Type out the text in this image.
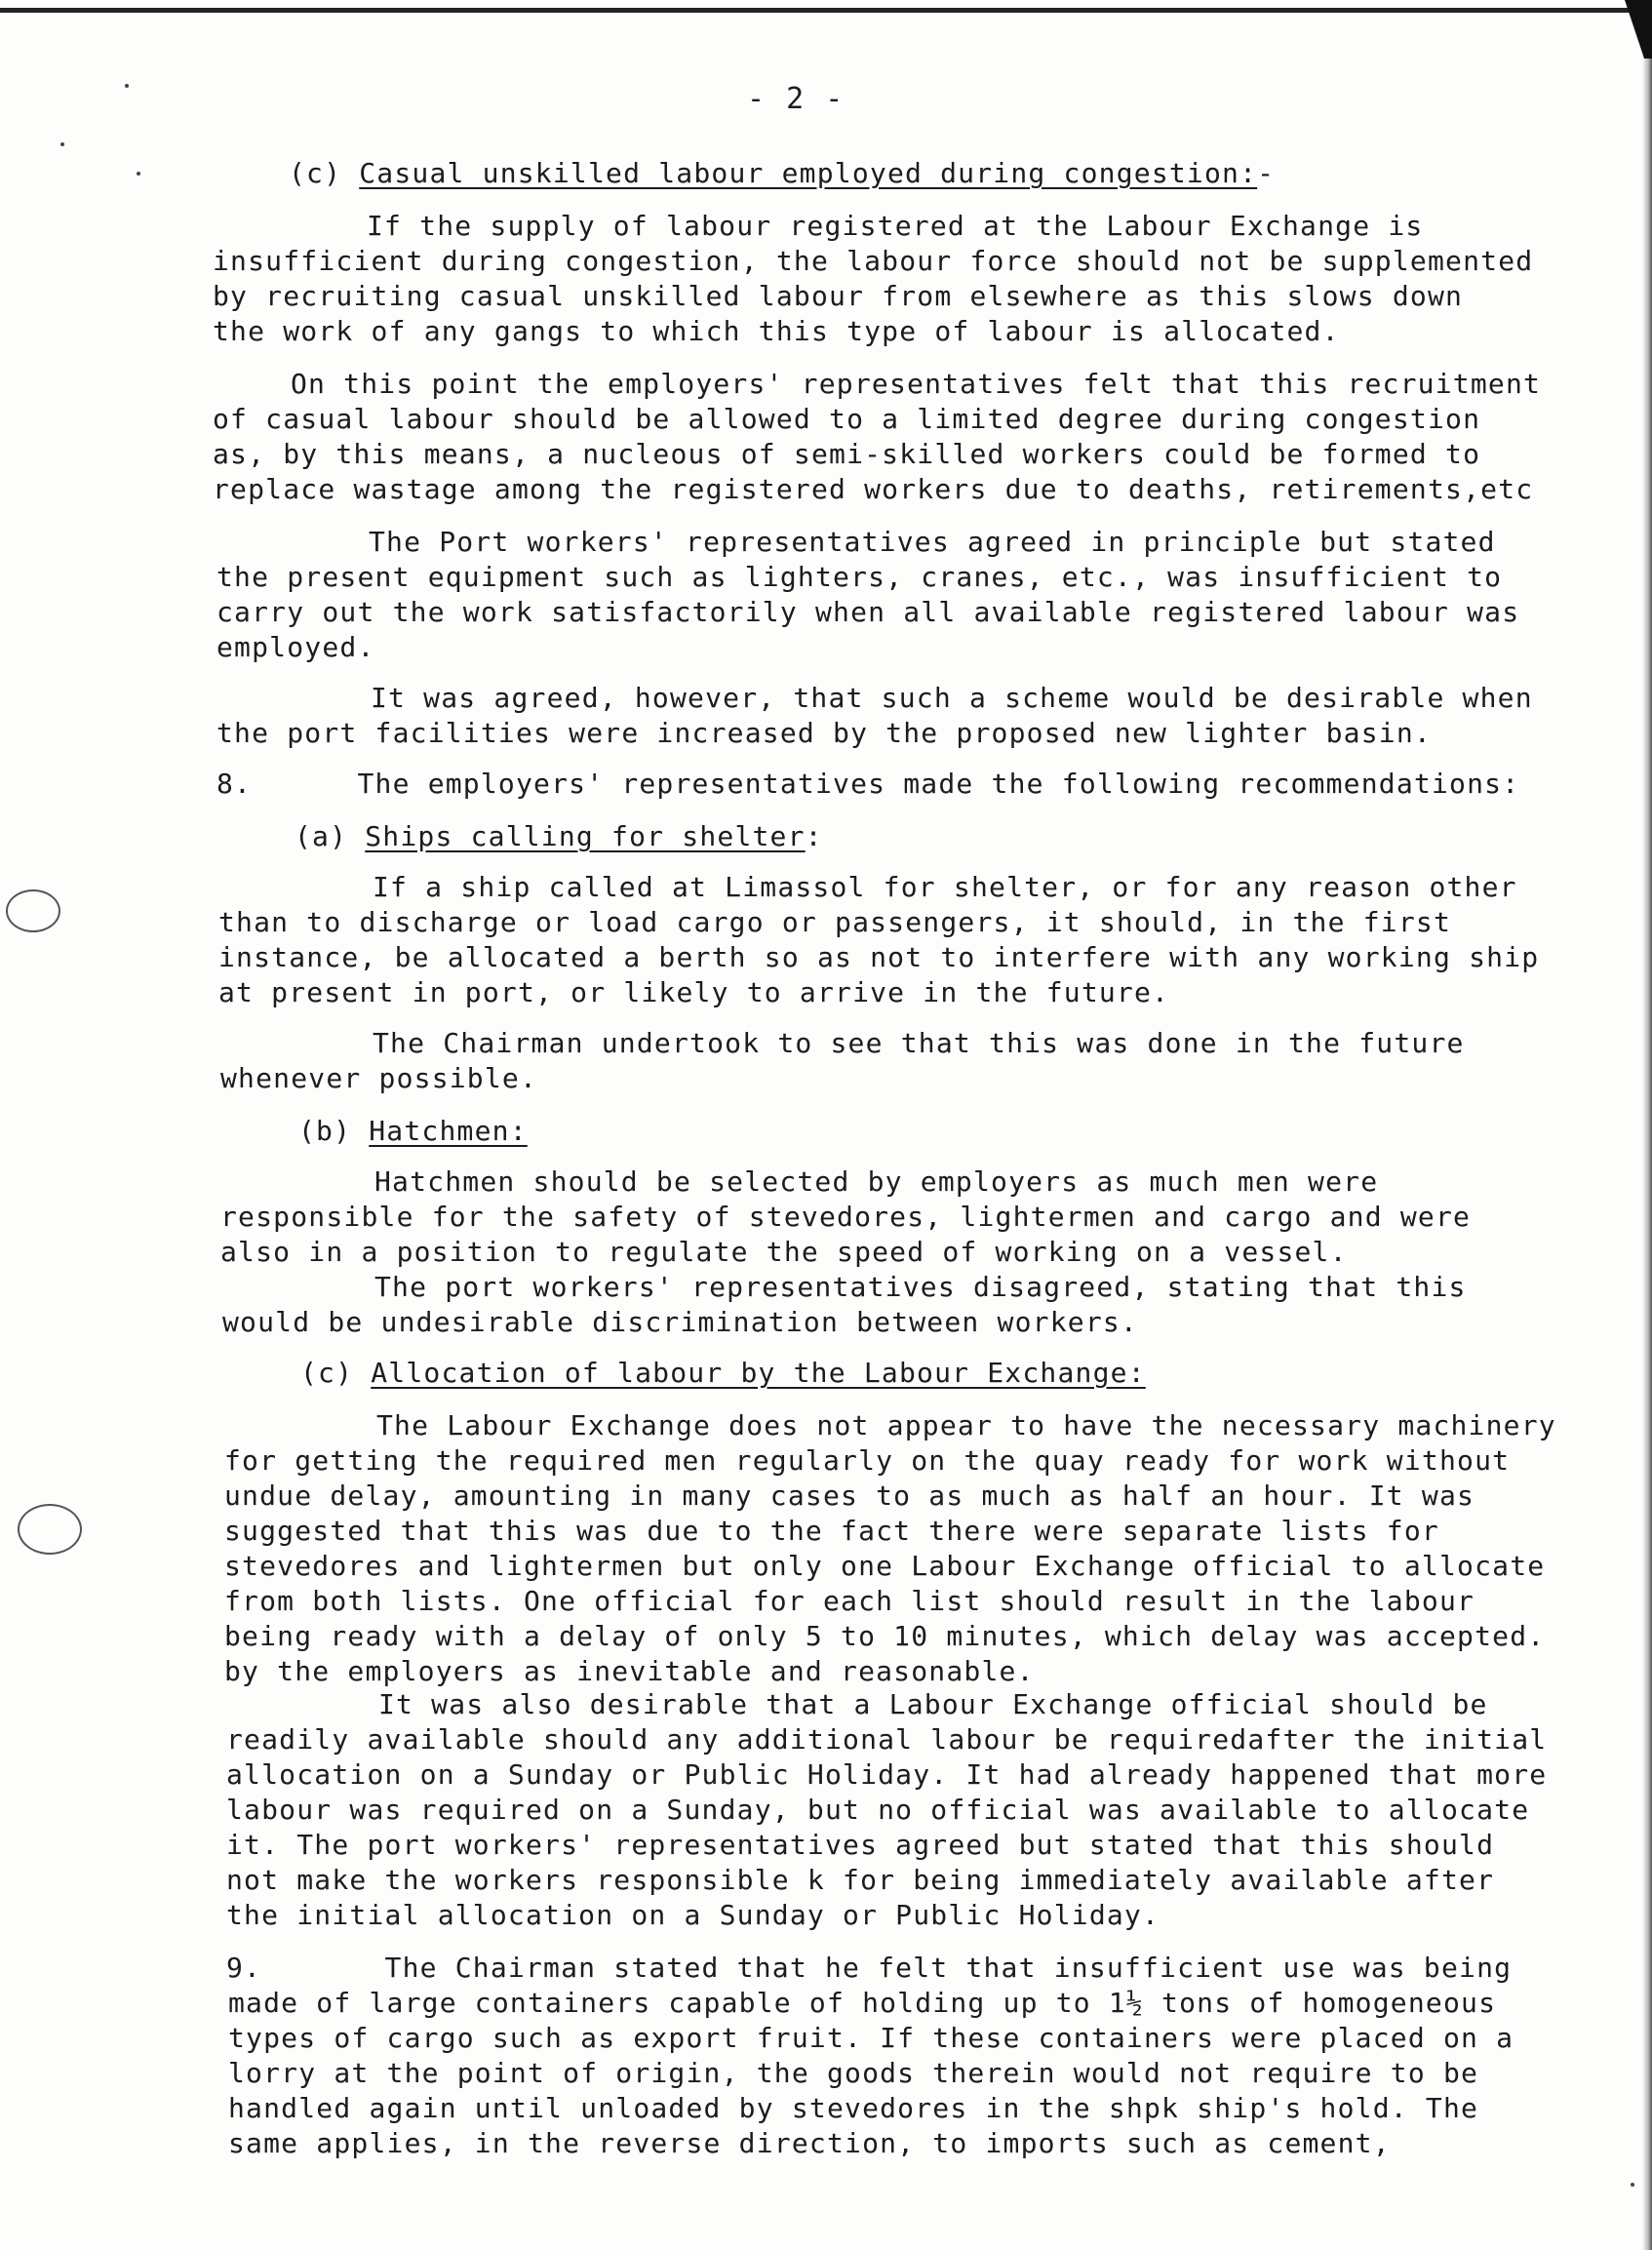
- 2 -
(c) Casual unskilled labour employed during congestion:-
If the supply of labour registered at the Labour Exchange is
insufficient during congestion, the labour force should not be supplemented
by recruiting casual unskilled labour from elsewhere as this slows down
the work of any gangs to which this type of labour is allocated.
On this point the employers' representatives felt that this recruitment
of casual labour should be allowed to a limited degree during congestion
as, by this means, a nucleous of semi-skilled workers could be formed to
replace wastage among the registered workers due to deaths, retirements,etc
The Port workers' representatives agreed in principle but stated
the present equipment such as lighters, cranes, etc., was insufficient to
carry out the work satisfactorily when all available registered labour was
employed.
It was agreed, however, that such a scheme would be desirable when
the port facilities were increased by the proposed new lighter basin.
8.      The employers' representatives made the following recommendations:
(a) Ships calling for shelter:
If a ship called at Limassol for shelter, or for any reason other
than to discharge or load cargo or passengers, it should, in the first
instance, be allocated a berth so as not to interfere with any working ship
at present in port, or likely to arrive in the future.
The Chairman undertook to see that this was done in the future
whenever possible.
(b) Hatchmen:
Hatchmen should be selected by employers as much men were
responsible for the safety of stevedores, lightermen and cargo and were
also in a position to regulate the speed of working on a vessel.
The port workers' representatives disagreed, stating that this
would be undesirable discrimination between workers.
(c) Allocation of labour by the Labour Exchange:
The Labour Exchange does not appear to have the necessary machinery
for getting the required men regularly on the quay ready for work without
undue delay, amounting in many cases to as much as half an hour. It was
suggested that this was due to the fact there were separate lists for
stevedores and lightermen but only one Labour Exchange official to allocate
from both lists. One official for each list should result in the labour
being ready with a delay of only 5 to 10 minutes, which delay was accepted.
by the employers as inevitable and reasonable.
It was also desirable that a Labour Exchange official should be
readily available should any additional labour be requiredafter the initial
allocation on a Sunday or Public Holiday. It had already happened that more
labour was required on a Sunday, but no official was available to allocate
it. The port workers' representatives agreed but stated that this should
not make the workers responsible k for being immediately available after
the initial allocation on a Sunday or Public Holiday.
9.       The Chairman stated that he felt that insufficient use was being
made of large containers capable of holding up to 1½ tons of homogeneous
types of cargo such as export fruit. If these containers were placed on a
lorry at the point of origin, the goods therein would not require to be
handled again until unloaded by stevedores in the shpk ship's hold. The
same applies, in the reverse direction, to imports such as cement,
